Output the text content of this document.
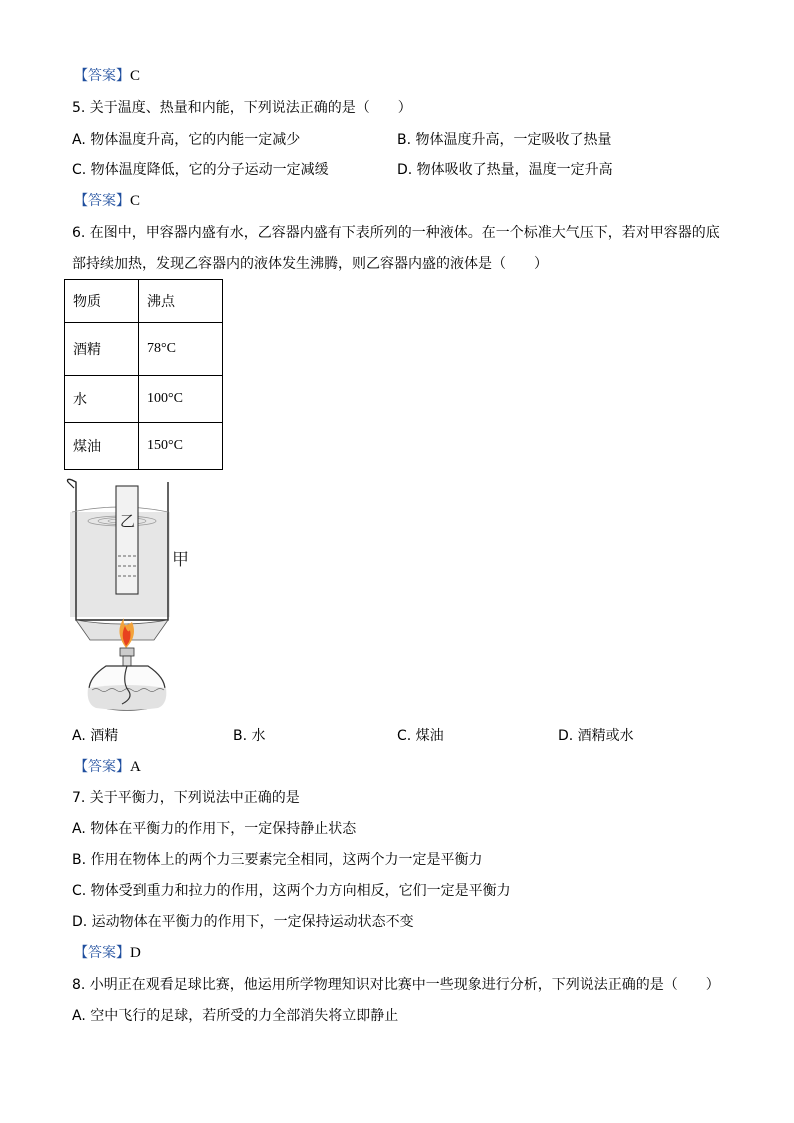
【答案】C
5. 关于温度、热量和内能，下列说法正确的是（　　）
A. 物体温度升高，它的内能一定减少	B. 物体温度升高，一定吸收了热量
C. 物体温度降低，它的分子运动一定减缓	D. 物体吸收了热量，温度一定升高
【答案】C
6. 在图中，甲容器内盛有水，乙容器内盛有下表所列的一种液体。在一个标准大气压下，若对甲容器的底
部持续加热，发现乙容器内的液体发生沸腾，则乙容器内盛的液体是（　　）
物质	沸点
酒精	78°C
水	100°C
煤油	150°C
乙
甲
A. 酒精	B. 水	C. 煤油	D. 酒精或水
【答案】A
7. 关于平衡力，下列说法中正确的是
A. 物体在平衡力的作用下，一定保持静止状态
B. 作用在物体上的两个力三要素完全相同，这两个力一定是平衡力
C. 物体受到重力和拉力的作用，这两个力方向相反，它们一定是平衡力
D. 运动物体在平衡力的作用下，一定保持运动状态不变
【答案】D
8. 小明正在观看足球比赛，他运用所学物理知识对比赛中一些现象进行分析，下列说法正确的是（　　）
A. 空中飞行的足球，若所受的力全部消失将立即静止
